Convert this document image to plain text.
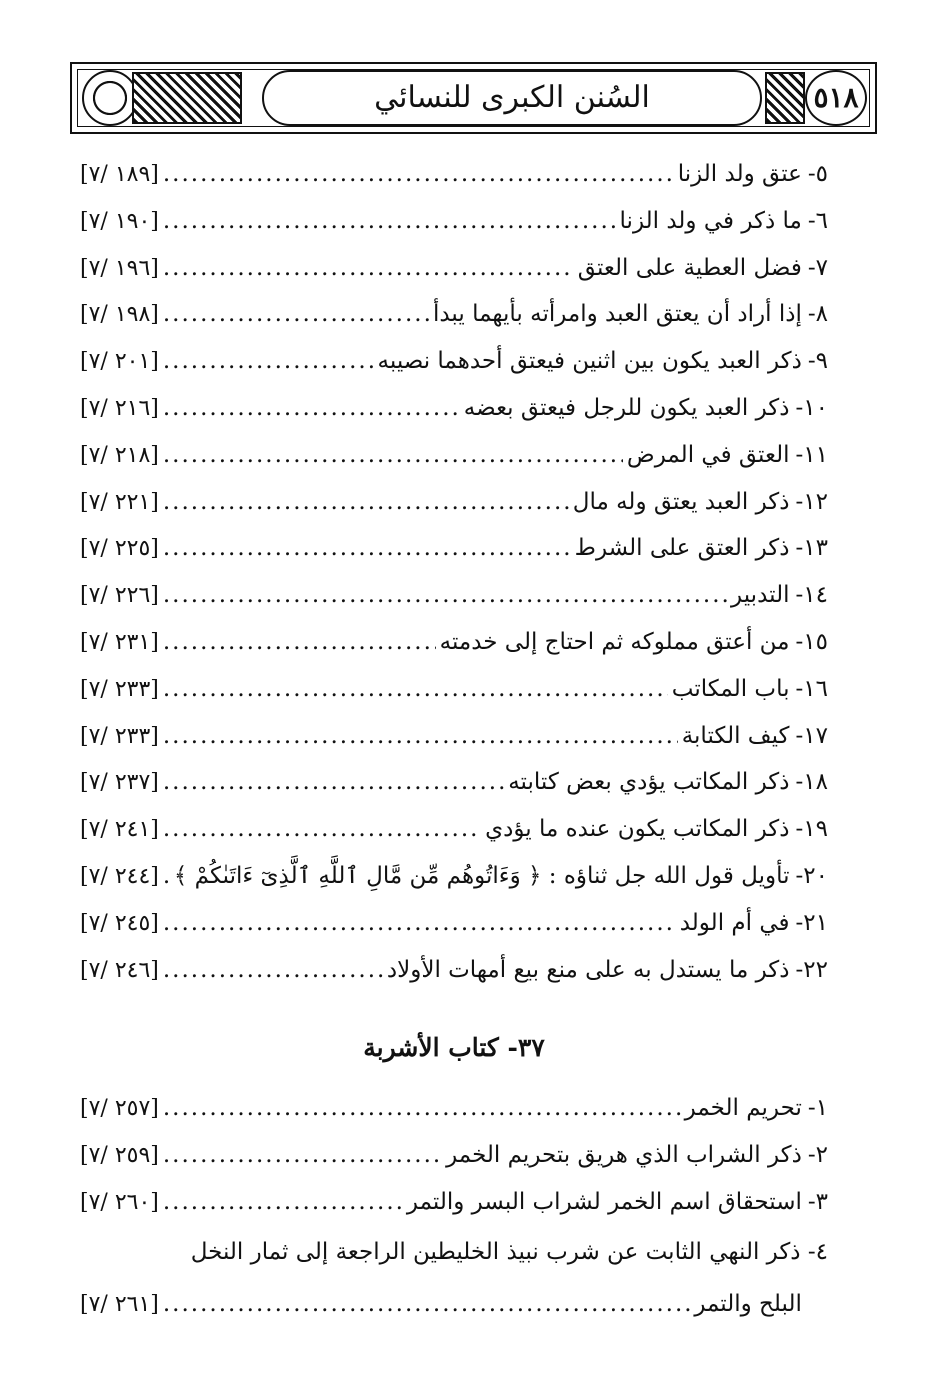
السُنن الكبرى للنسائي	٥١٨
٥-
عتق ولد الزنا
.....
[١٨٩ /٧]
٦-
ما ذكر في ولد الزنا
.....
[١٩٠ /٧]
٧-
فضل العطية على العتق
.....
[١٩٦ /٧]
٨-
إذا أراد أن يعتق العبد وامرأته بأيهما يبدأ
.....
[١٩٨ /٧]
٩-
ذكر العبد يكون بين اثنين فيعتق أحدهما نصيبه
.....
[٢٠١ /٧]
١٠-
ذكر العبد يكون للرجل فيعتق بعضه
.....
[٢١٦ /٧]
١١-
العتق في المرض
.....
[٢١٨ /٧]
١٢-
ذكر العبد يعتق وله مال
.....
[٢٢١ /٧]
١٣-
ذكر العتق على الشرط
.....
[٢٢٥ /٧]
١٤-
التدبير
.....
[٢٢٦ /٧]
١٥-
من أعتق مملوكه ثم احتاج إلى خدمته
.....
[٢٣١ /٧]
١٦-
باب المكاتب
.....
[٢٣٣ /٧]
١٧-
كيف الكتابة
.....
[٢٣٣ /٧]
١٨-
ذكر المكاتب يؤدي بعض كتابته
.....
[٢٣٧ /٧]
١٩-
ذكر المكاتب يكون عنده ما يؤدي
.....
[٢٤١ /٧]
٢٠-
تأويل قول الله جل ثناؤه : ﴿ وَءَاتُوهُم مِّن مَّالِ ٱللَّهِ ٱلَّذِىٓ ءَاتَىٰكُمْ ﴾
.....
[٢٤٤ /٧]
٢١-
في أم الولد
.....
[٢٤٥ /٧]
٢٢-
ذكر ما يستدل به على منع بيع أمهات الأولاد
.....
[٢٤٦ /٧]
٣٧- كتاب الأشربة
١-
تحريم الخمر
.....
[٢٥٧ /٧]
٢-
ذكر الشراب الذي هريق بتحريم الخمر
.....
[٢٥٩ /٧]
٣-
استحقاق اسم الخمر لشراب البسر والتمر
.....
[٢٦٠ /٧]
٤- ذكر النهي الثابت عن شرب نبيذ الخليطين الراجعة إلى ثمار النخل
البلح والتمر
.....
[٢٦١ /٧]
